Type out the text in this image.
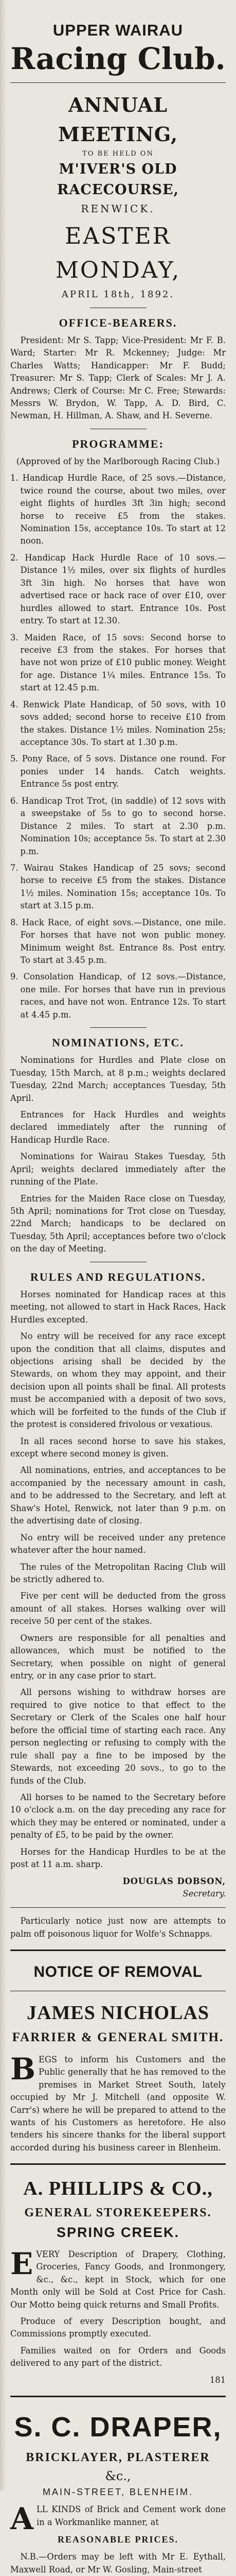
UPPER WAIRAU
Racing Club.
ANNUAL MEETING,
TO BE HELD ON
M'IVER'S OLD RACECOURSE,
RENWICK.
EASTER MONDAY,
APRIL 18th, 1892.
OFFICE-BEARERS.

President: Mr S. Tapp; Vice-President: Mr F. B. Ward; Starter: Mr R. Mckenney; Judge: Mr Charles Watts; Handicapper: Mr F. Budd; Treasurer: Mr S. Tapp; Clerk of Scales: Mr J. A. Andrews; Clerk of Course: Mr C. Free; Stewards: Messrs W. Brydon, W. Tapp, A. D. Bird, C. Newman, H. Hillman, A. Shaw, and H. Severne.

PROGRAMME:
(Approved of by the Marlborough Racing Club.)
1. Handicap Hurdle Race, of 25 sovs.—Distance, twice round the course, about two miles, over eight flights of hurdles 3ft 3in high; second horse to receive £5 from the stakes. Nomination 15s, acceptance 10s. To start at 12 noon.
2. Handicap Hack Hurdle Race of 10 sovs.—Distance 1½ miles, over six flights of hurdles 3ft 3in high. No horses that have won advertised race or hack race of over £10, over hurdles allowed to start. Entrance 10s. Post entry. To start at 12.30.
3. Maiden Race, of 15 sovs: Second horse to receive £3 from the stakes. For horses that have not won prize of £10 public money. Weight for age. Distance 1¼ miles. Entrance 15s. To start at 12.45 p.m.
4. Renwick Plate Handicap, of 50 sovs, with 10 sovs added; second horse to receive £10 from the stakes. Distance 1½ miles. Nomination 25s; acceptance 30s. To start at 1.30 p.m.
5. Pony Race, of 5 sovs. Distance one round. For ponies under 14 hands. Catch weights. Entrance 5s post entry.
6. Handicap Trot Trot, (in saddle) of 12 sovs with a sweepstake of 5s to go to second horse. Distance 2 miles. To start at 2.30 p.m. Nomination 10s; acceptance 5s. To start at 2.30 p.m.
7. Wairau Stakes Handicap of 25 sovs; second horse to receive £5 from the stakes. Distance 1½ miles. Nomination 15s; acceptance 10s. To start at 3.15 p.m.
8. Hack Race, of eight sovs.—Distance, one mile. For horses that have not won public money. Minimum weight 8st. Entrance 8s. Post entry. To start at 3.45 p.m.
9. Consolation Handicap, of 12 sovs.—Distance, one mile. For horses that have run in previous races, and have not won. Entrance 12s. To start at 4.45 p.m.
NOMINATIONS, ETC.

Nominations for Hurdles and Plate close on Tuesday, 15th March, at 8 p.m.; weights declared Tuesday, 22nd March; acceptances Tuesday, 5th April.

Entrances for Hack Hurdles and weights declared immediately after the running of Handicap Hurdle Race.

Nominations for Wairau Stakes Tuesday, 5th April; weights declared immediately after the running of the Plate.

Entries for the Maiden Race close on Tuesday, 5th April; nominations for Trot close on Tuesday, 22nd March; handicaps to be declared on Tuesday, 5th April; acceptances before two o'clock on the day of Meeting.

RULES AND REGULATIONS.

Horses nominated for Handicap races at this meeting, not allowed to start in Hack Races, Hack Hurdles excepted.

No entry will be received for any race except upon the condition that all claims, disputes and objections arising shall be decided by the Stewards, on whom they may appoint, and their decision upon all points shall be final. All protests must be accompanied with a deposit of two sovs, which will be forfeited to the funds of the Club if the protest is considered frivolous or vexatious.

In all races second horse to save his stakes, except where second money is given.

All nominations, entries, and acceptances to be accompanied by the necessary amount in cash, and to be addressed to the Secretary, and left at Shaw's Hotel, Renwick, not later than 9 p.m. on the advertising date of closing.

No entry will be received under any pretence whatever after the hour named.

The rules of the Metropolitan Racing Club will be strictly adhered to.

Five per cent will be deducted from the gross amount of all stakes. Horses walking over will receive 50 per cent of the stakes.

Owners are responsible for all penalties and allowances, which must be notified to the Secretary, when possible on night of general entry, or in any case prior to start.

All persons wishing to withdraw horses are required to give notice to that effect to the Secretary or Clerk of the Scales one half hour before the official time of starting each race. Any person neglecting or refusing to comply with the rule shall pay a fine to be imposed by the Stewards, not exceeding 20 sovs., to go to the funds of the Club.

All horses to be named to the Secretary before 10 o'clock a.m. on the day preceding any race for which they may be entered or nominated, under a penalty of £5, to be paid by the owner.

Horses for the Handicap Hurdles to be at the post at 11 a.m. sharp.

DOUGLAS DOBSON,
Secretary.

Particularly notice just now are attempts to palm off poisonous liquor for Wolfe's Schnapps.

NOTICE OF REMOVAL
JAMES NICHOLAS
FARRIER & GENERAL SMITH.

BEGS to inform his Customers and the Public generally that he has removed to the premises in Market Street South, lately occupied by Mr J. Mitchell (and opposite W. Carr's) where he will be prepared to attend to the wants of his Customers as heretofore. He also tenders his sincere thanks for the liberal support accorded during his business career in Blenheim.

A. PHILLIPS & CO.,
GENERAL STOREKEEPERS.
SPRING CREEK.

EVERY Description of Drapery, Clothing, Groceries, Fancy Goods, and Ironmongery, &c., &c., kept in Stock, which for one Month only will be Sold at Cost Price for Cash. Our Motto being quick returns and Small Profits.

Produce of every Description bought, and Commissions promptly executed.

Families waited on for Orders and Goods delivered to any part of the district.

181
S. C. DRAPER,
BRICKLAYER, PLASTERER
&c.,
MAIN-STREET, BLENHEIM.

ALL KINDS of Brick and Cement work done in a Workmanlike manner, at

REASONABLE PRICES.

N.B.—Orders may be left with Mr E. Eythall, Maxwell Road, or Mr W. Gosling, Main-street
